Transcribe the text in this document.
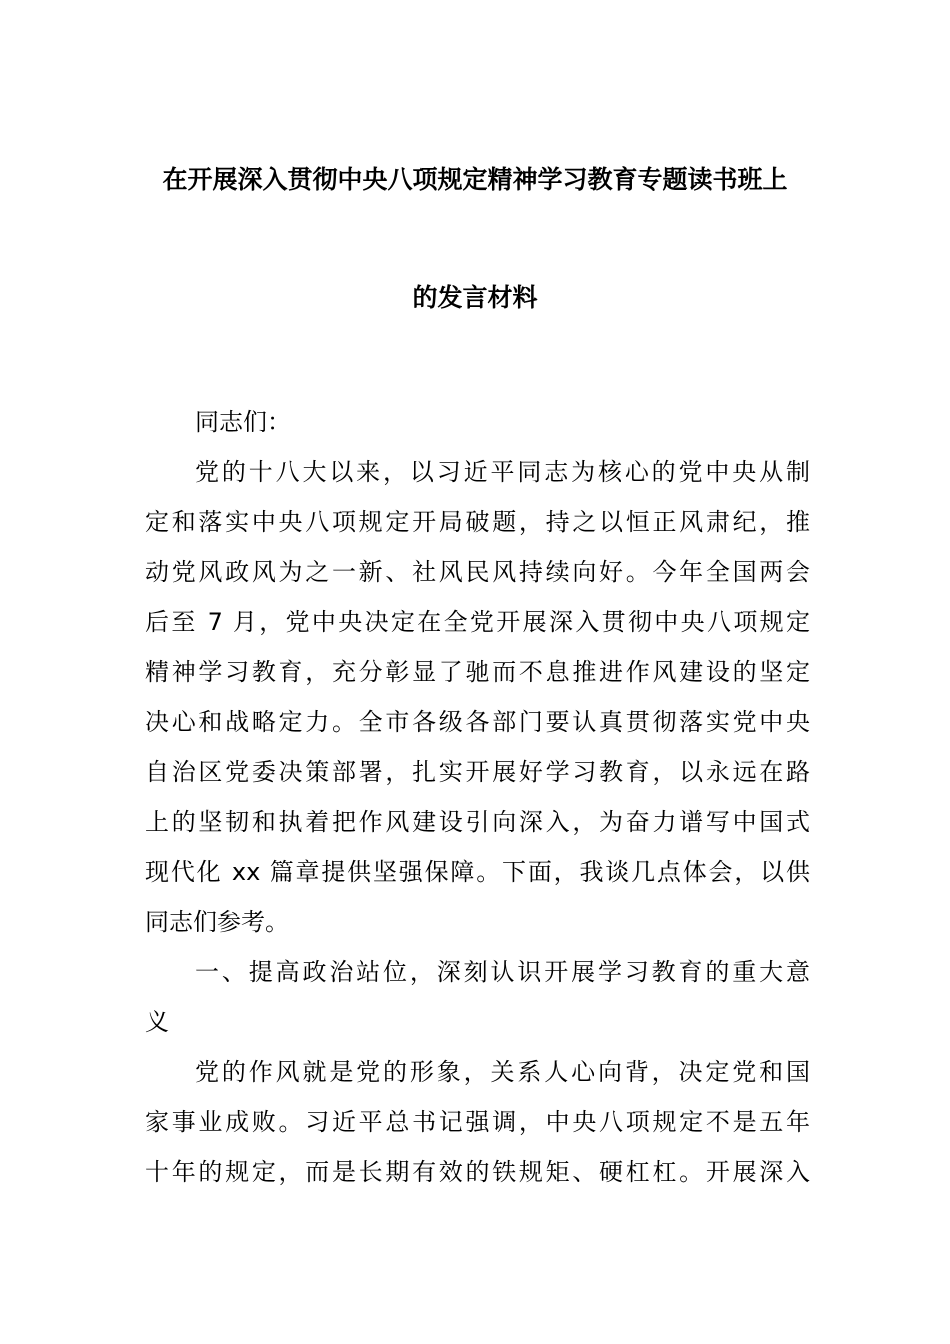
在开展深入贯彻中央八项规定精神学习教育专题读书班上
的发言材料
同志们：
党的十八大以来，以习近平同志为核心的党中央从制
定和落实中央八项规定开局破题，持之以恒正风肃纪，推
动党风政风为之一新、社风民风持续向好。今年全国两会
后至 7 月，党中央决定在全党开展深入贯彻中央八项规定
精神学习教育，充分彰显了驰而不息推进作风建设的坚定
决心和战略定力。全市各级各部门要认真贯彻落实党中央
自治区党委决策部署，扎实开展好学习教育，以永远在路
上的坚韧和执着把作风建设引向深入，为奋力谱写中国式
现代化 xx 篇章提供坚强保障。下面，我谈几点体会，以供
同志们参考。
一、提高政治站位，深刻认识开展学习教育的重大意
义
党的作风就是党的形象，关系人心向背，决定党和国
家事业成败。习近平总书记强调，中央八项规定不是五年
十年的规定，而是长期有效的铁规矩、硬杠杠。开展深入
